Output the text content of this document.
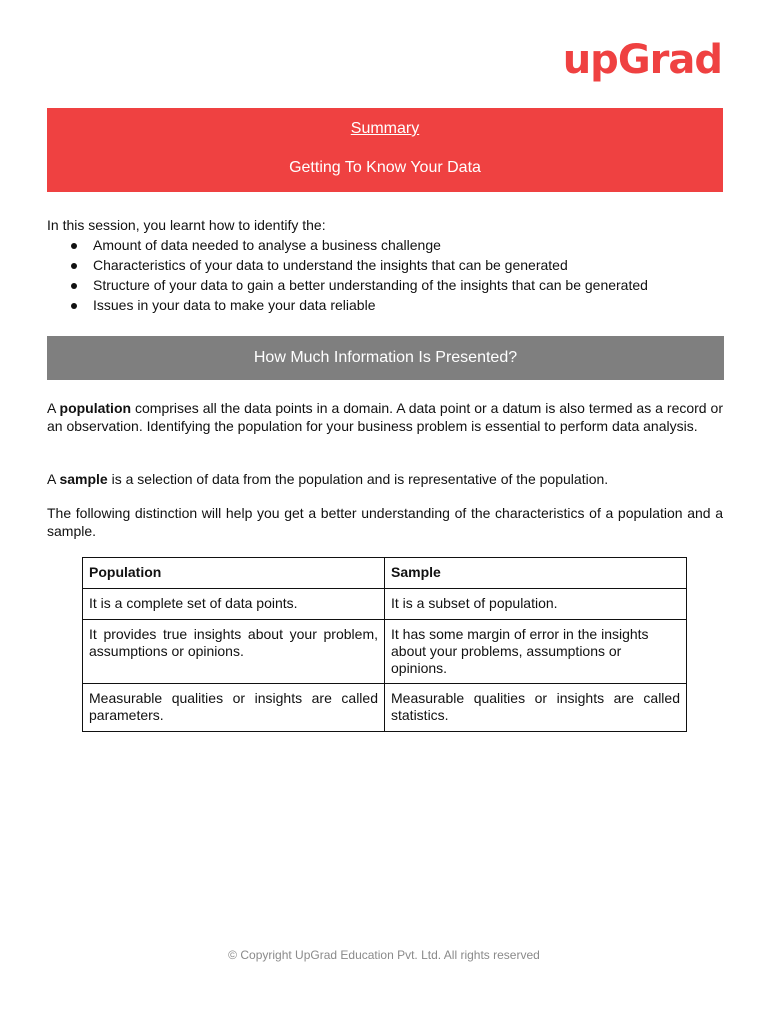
upGrad
Summary
Getting To Know Your Data
In this session, you learnt how to identify the:
Amount of data needed to analyse a business challenge
Characteristics of your data to understand the insights that can be generated
Structure of your data to gain a better understanding of the insights that can be generated
Issues in your data to make your data reliable
How Much Information Is Presented?

A population comprises all the data points in a domain. A data point or a datum is also termed as a record or an observation. Identifying the population for your business problem is essential to perform data analysis.

A sample is a selection of data from the population and is representative of the population.

The following distinction will help you get a better understanding of the characteristics of a population and a sample.

Population	Sample
It is a complete set of data points.	It is a subset of population.
It provides true insights about your problem, assumptions or opinions.	It has some margin of error in the insights about your problems, assumptions or opinions.
Measurable qualities or insights are called parameters.	Measurable qualities or insights are called statistics.
© Copyright UpGrad Education Pvt. Ltd. All rights reserved
